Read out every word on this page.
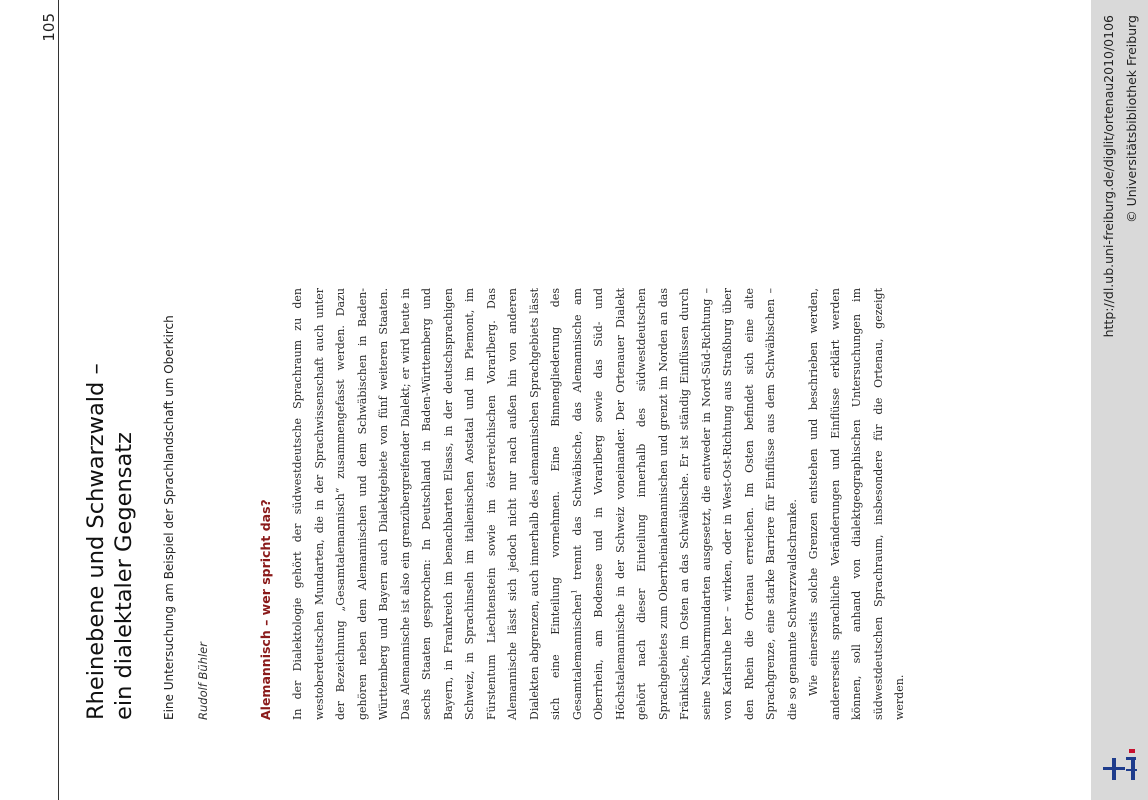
105
Rheinebene und Schwarzwald –
ein dialektaler Gegensatz Eine Untersuchung am Beispiel der Sprachlandschaft um Oberkirch Rudolf Bühler	Alemannisch – wer spricht das?	In der Dialektologie gehört der südwestdeutsche Sprachraum zu den westoberdeutschen Mundarten, die in der Sprachwissenschaft auch unter der Bezeichnung „Gesamtalemannisch“ zusammengefasst werden. Dazu gehören neben dem Alemannischen und dem Schwäbischen in Baden-Württemberg und Bayern auch Dialektgebiete von fünf weiteren Staaten. Das Alemannische ist also ein grenzübergreifender Dialekt; er wird heute in sechs Staaten gesprochen: In Deutschland in Baden-Württemberg und Bayern, in Frankreich im benachbarten Elsass, in der deutschsprachigen Schweiz, in Sprachinseln im italienischen Aostatal und im Piemont, im Fürstentum Liechtenstein sowie im österreichischen Vorarlberg. Das Alemannische lässt sich jedoch nicht nur nach außen hin von anderen Dialekten abgrenzen, auch innerhalb des alemannischen Sprachgebiets lässt sich eine Einteilung vornehmen. Eine Binnengliederung des Gesamtalemannischen$^1$ trennt das Schwäbische, das Alemannische am Oberrhein, am Bodensee und in Vorarlberg sowie das Süd- und Höchstalemannische in der Schweiz voneinander. Der Ortenauer Dialekt gehört nach dieser Einteilung innerhalb des südwestdeutschen Sprachgebietes zum Oberrheinalemannischen und grenzt im Norden an das Fränkische, im Osten an das Schwäbische. Er ist ständig Einflüssen durch seine Nachbarmundarten ausgesetzt, die entweder in Nord-Süd-Richtung – von Karlsruhe her – wirken, oder in West-Ost-Richtung aus Straßburg über den Rhein die Ortenau erreichen. Im Osten befindet sich eine alte Sprachgrenze, eine starke Barriere für Einflüsse aus dem Schwäbischen – die so genannte Schwarzwaldschranke. Wie einerseits solche Grenzen entstehen und beschrieben werden, andererseits sprachliche Veränderungen und Einflüsse erklärt werden können, soll anhand von dialektgeographischen Untersuchungen im südwestdeutschen Sprachraum, insbesondere für die Ortenau, gezeigt werden.

http://dl.ub.uni-freiburg.de/diglit/ortenau2010/0106 © Universitätsbibliothek Freiburg
